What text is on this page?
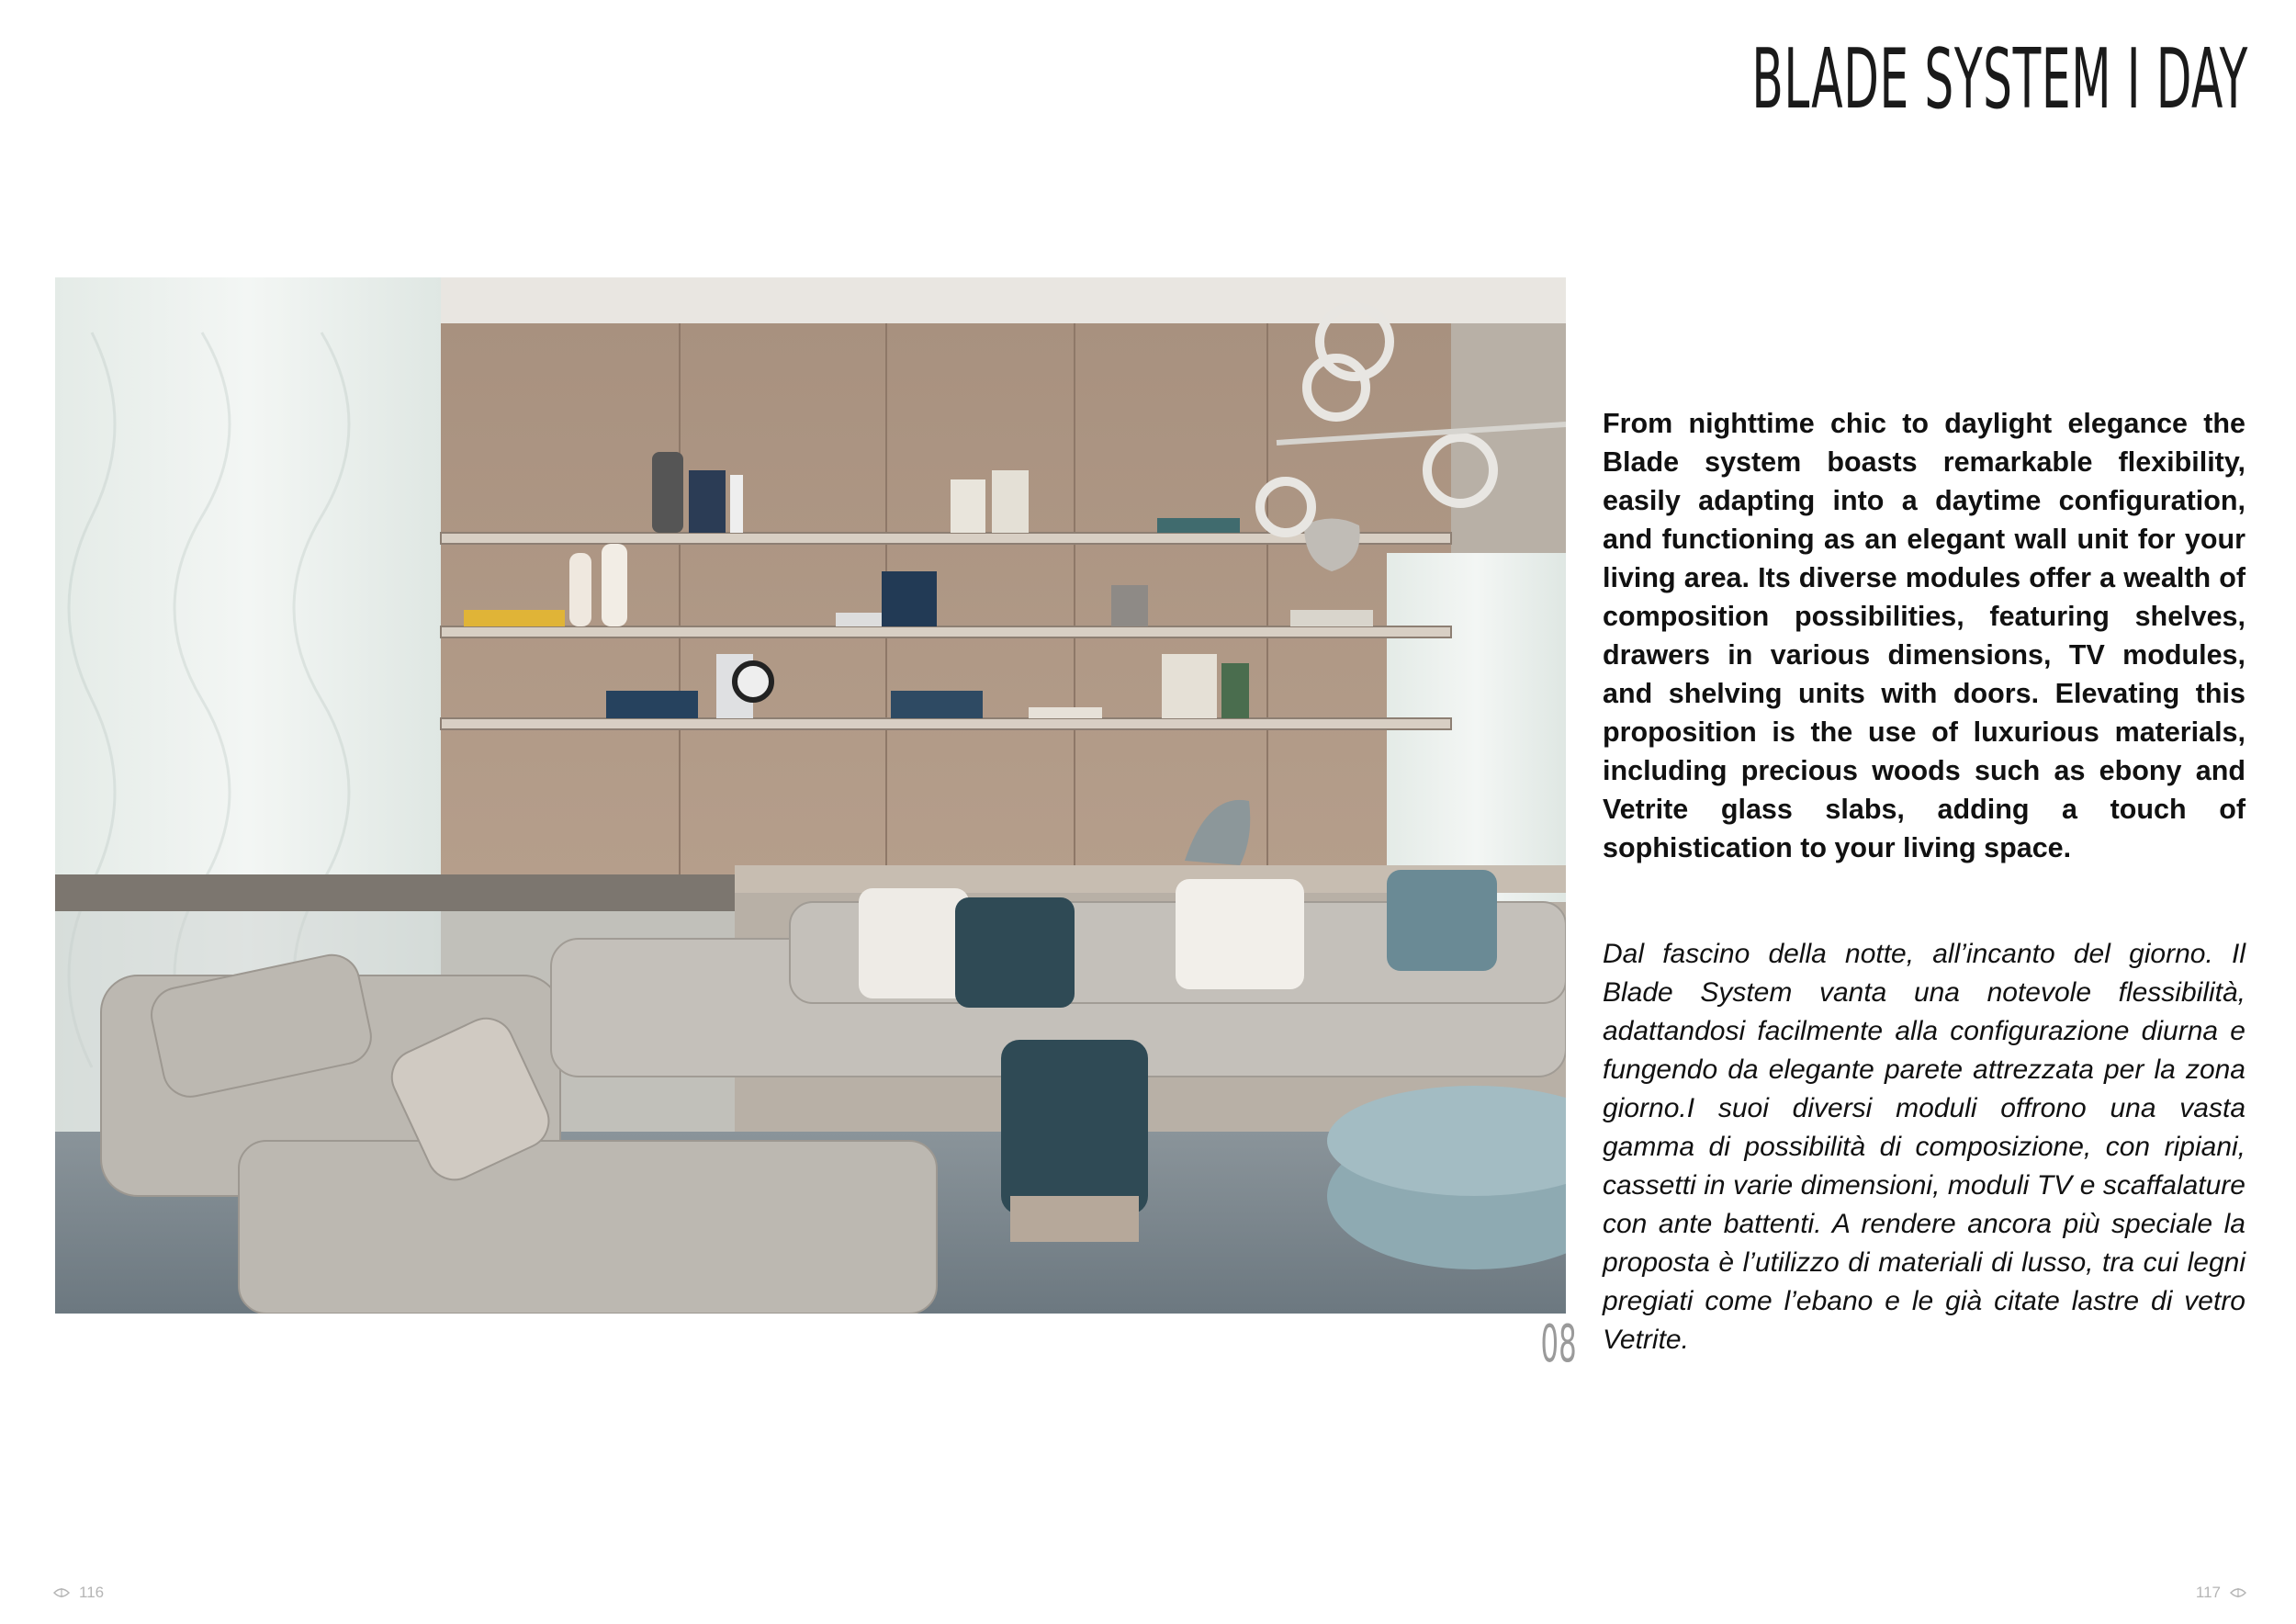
BLADE SYSTEM I DAY
08

From nighttime chic to daylight elegance the Blade system boasts remarkable flexibility, easily adapting into a daytime configuration, and functioning as an elegant wall unit for your living area. Its diverse modules offer a wealth of composition possibilities, featuring shelves, drawers in various dimensions, TV modules, and shelving units with doors. Elevating this proposition is the use of luxurious materials, including precious woods such as ebony and Vetrite glass slabs, adding a touch of sophistication to your living space.

Dal fascino della notte, all’incanto del giorno. Il Blade System vanta una notevole flessibilità, adattandosi facilmente alla configurazione diurna e fungendo da elegante parete attrezzata per la zona giorno.I suoi diversi moduli offrono una vasta gamma di possibilità di composizione, con ripiani, cassetti in varie dimensioni, moduli TV e scaffalature con ante battenti. A rendere ancora più speciale la proposta è l’utilizzo di materiali di lusso, tra cui legni pregiati come l’ebano e le già citate lastre di vetro Vetrite.

116	117
